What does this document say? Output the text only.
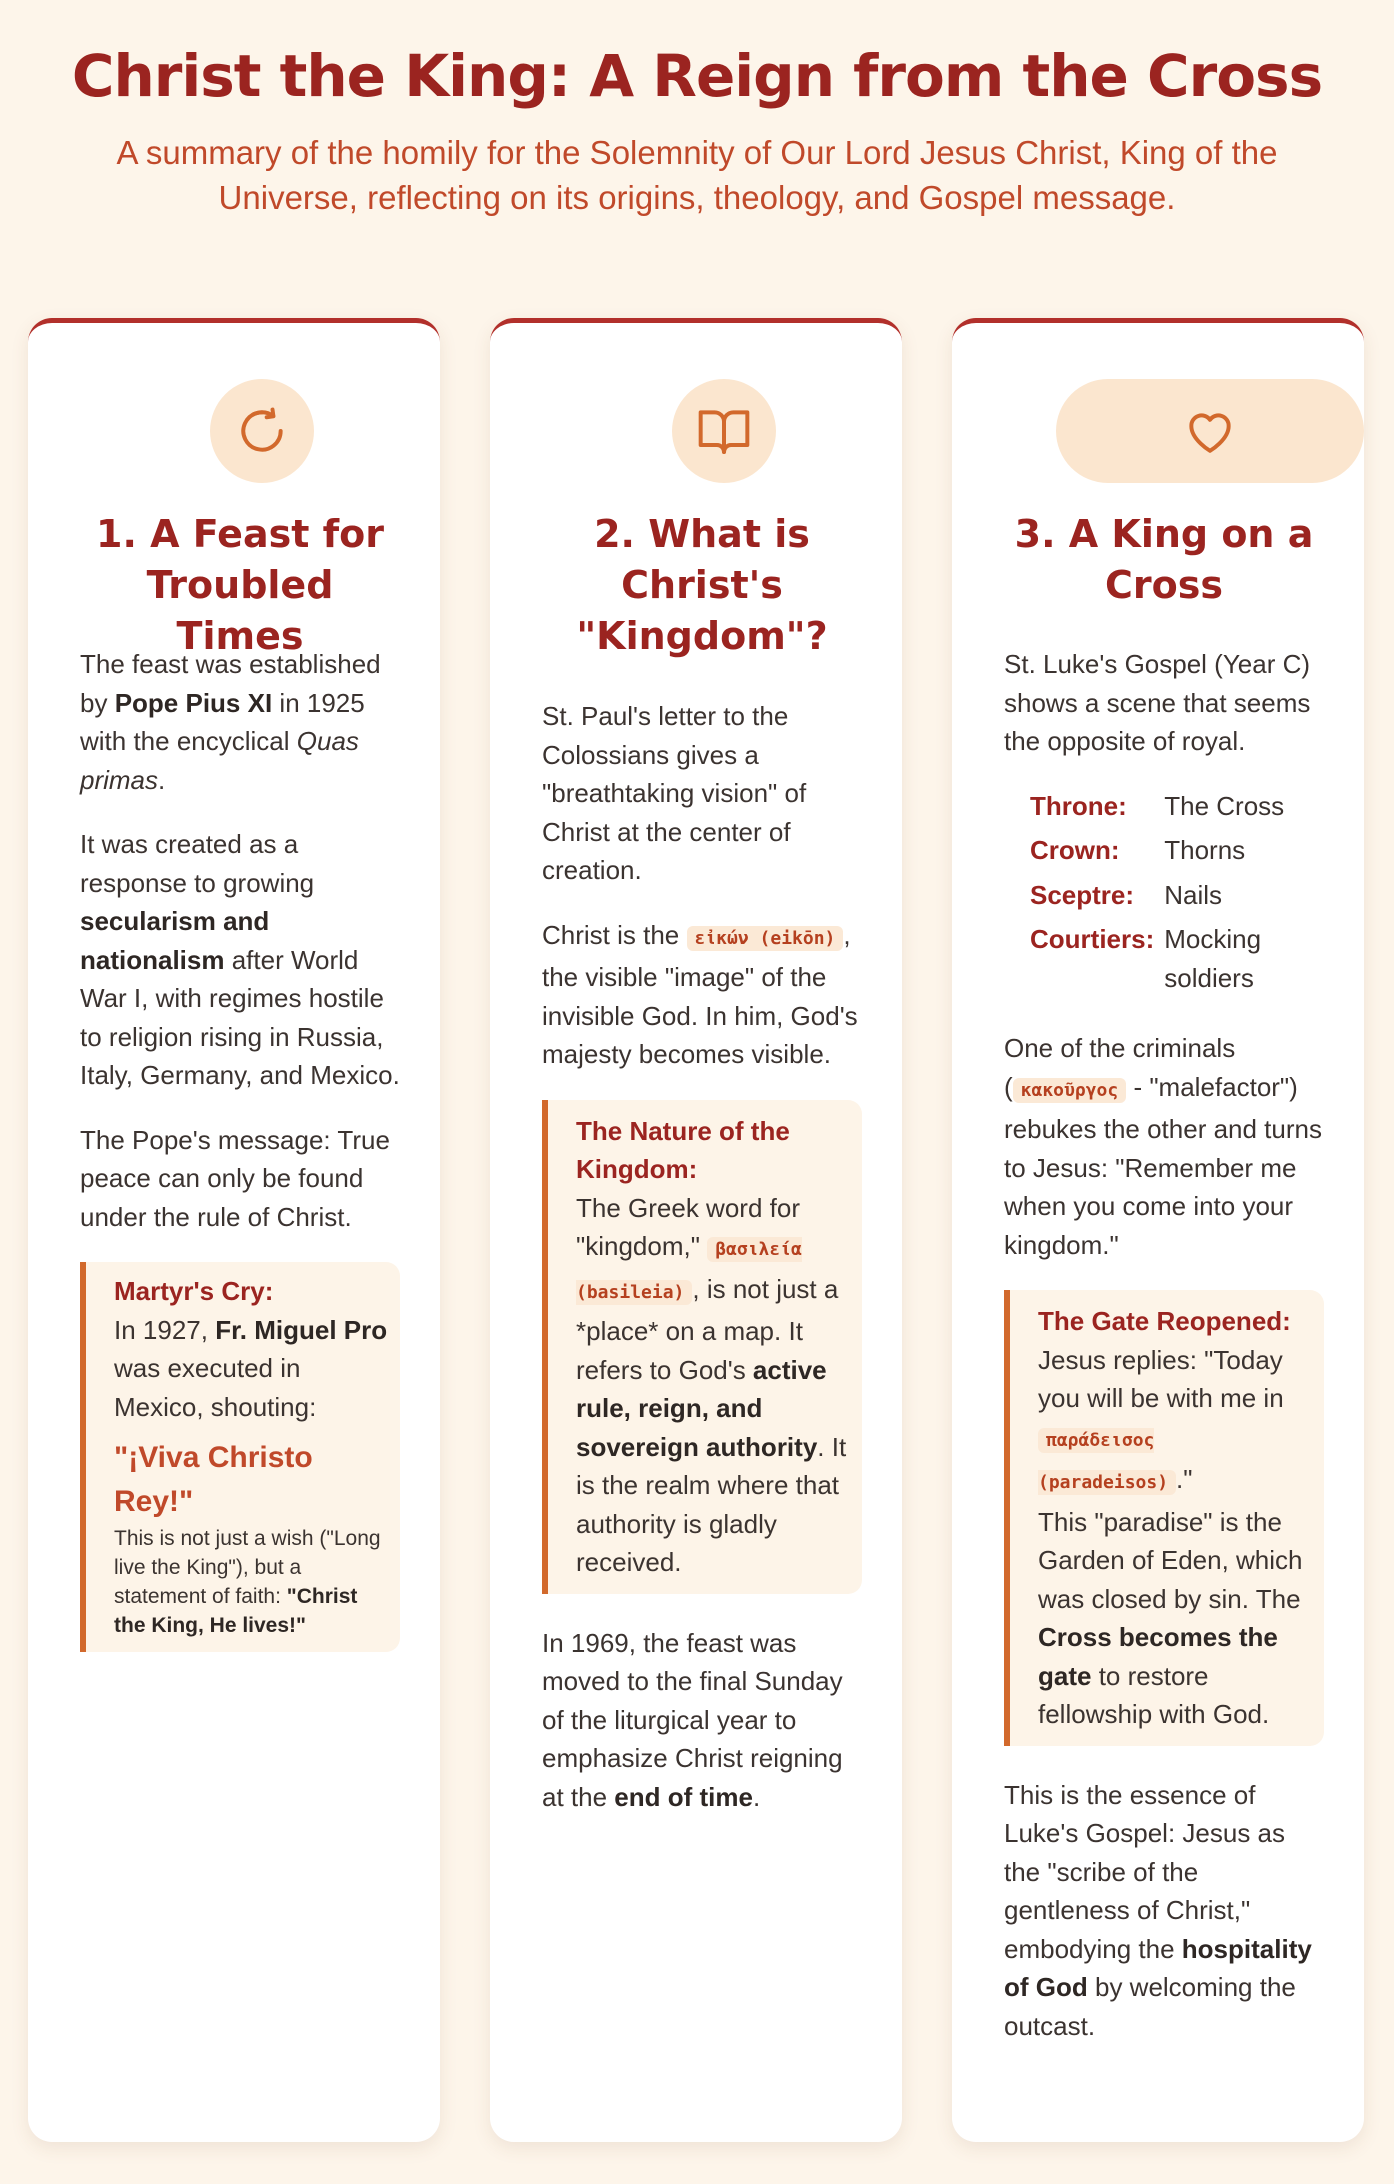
Christ the King: A Reign from the Cross

A summary of the homily for the Solemnity of Our Lord Jesus Christ, King of the Universe, reflecting on its origins, theology, and Gospel message.

1. A Feast for
Troubled Times

The feast was established by Pope Pius XI in 1925 with the encyclical Quas primas.

It was created as a response to growing secularism and nationalism after World War I, with regimes hostile to religion rising in Russia, Italy, Germany, and Mexico.

The Pope's message: True peace can only be found under the rule of Christ.

Martyr's Cry:
In 1927, Fr. Miguel Pro was executed in Mexico, shouting:
"¡Viva Christo Rey!"
This is not just a wish ("Long live the King"), but a statement of faith: "Christ the King, He lives!"
2. What is
Christ's
"Kingdom"?

St. Paul's letter to the Colossians gives a "breathtaking vision" of Christ at the center of creation.

Christ is the εἰκών (eikōn) , the visible "image" of the invisible God. In him, God's majesty becomes visible.

The Nature of the Kingdom:
The Greek word for "kingdom," βασιλεία (basileia) , is not just a *place* on a map. It refers to God's active rule, reign, and sovereign authority. It is the realm where that authority is gladly received.

In 1969, the feast was moved to the final Sunday of the liturgical year to emphasize Christ reigning at the end of time.

3. A King on a
Cross

St. Luke's Gospel (Year C) shows a scene that seems the opposite of royal.

Throne:	The Cross
Crown:	Thorns
Sceptre:	Nails
Courtiers:	Mocking soldiers

One of the criminals ( κακοῦργος - "malefactor") rebukes the other and turns to Jesus: "Remember me when you come into your kingdom."

The Gate Reopened:
Jesus replies: "Today you will be with me in παράδεισος (paradeisos) ."
This "paradise" is the Garden of Eden, which was closed by sin. The Cross becomes the gate to restore fellowship with God.

This is the essence of Luke's Gospel: Jesus as the "scribe of the gentleness of Christ," embodying the hospitality of God by welcoming the outcast.
